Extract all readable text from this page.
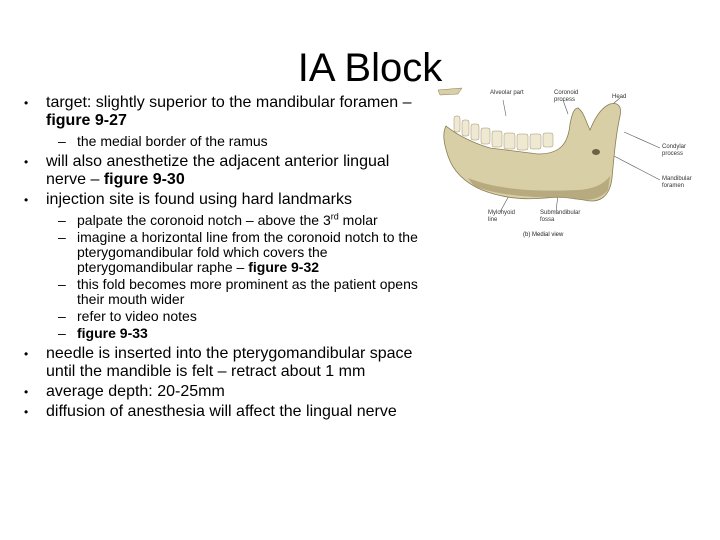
IA Block
• target: slightly superior to the mandibular foramen – figure 9-27
– the medial border of the ramus
• will also anesthetize the adjacent anterior lingual nerve – figure 9-30
• injection site is found using hard landmarks
– palpate the coronoid notch – above the 3rd molar
– imagine a horizontal line from the coronoid notch to the pterygomandibular fold which covers the pterygomandibular raphe – figure 9-32
– this fold becomes more prominent as the patient opens their mouth wider
– refer to video notes
– figure 9-33
• needle is inserted into the pterygomandibular space until the mandible is felt – retract about 1 mm
• average depth: 20-25mm
• diffusion of anesthesia will affect the lingual nerve
Alveolar part	Coronoid process	Head
Condylar process
Mandibular foramen
Mylohyoid line
Submandibular fossa
(b) Medial view
